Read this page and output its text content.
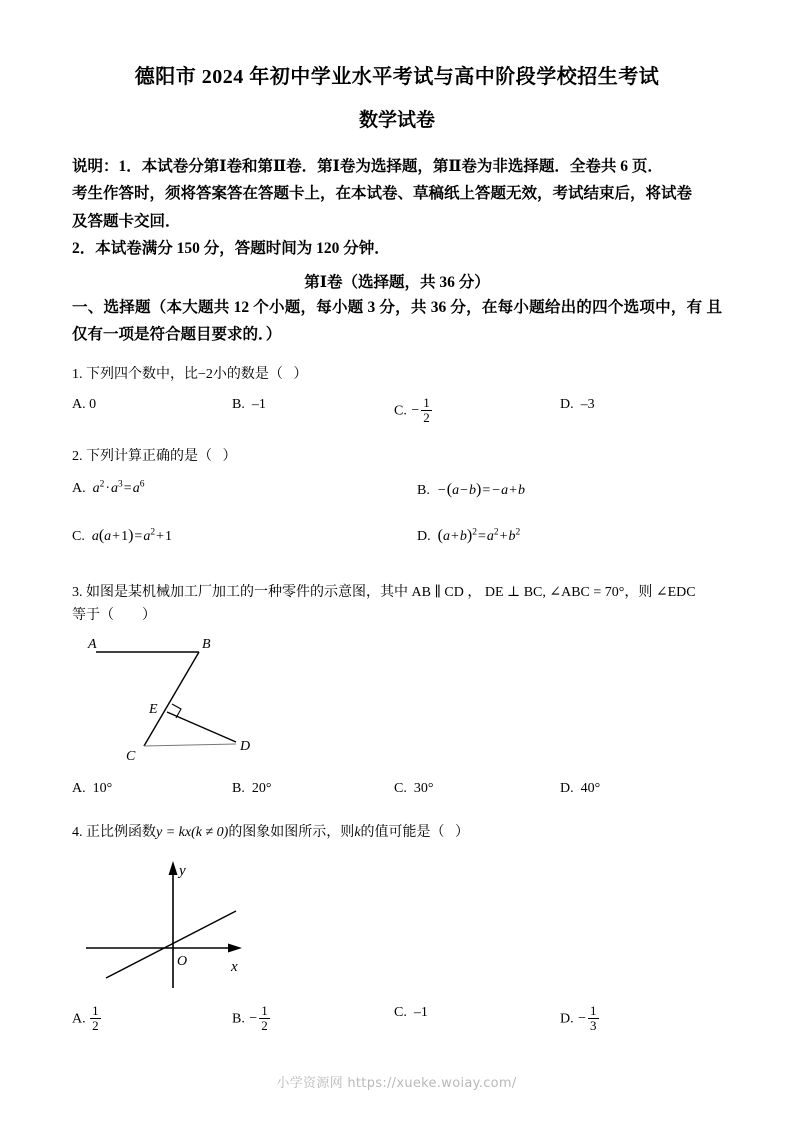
德阳市 2024 年初中学业水平考试与高中阶段学校招生考试
数学试卷
说明：1．本试卷分第Ⅰ卷和第Ⅱ卷．第Ⅰ卷为选择题，第Ⅱ卷为非选择题．全卷共 6 页．
考生作答时，须将答案答在答题卡上，在本试卷、草稿纸上答题无效，考试结束后，将试卷
及答题卡交回．
2．本试卷满分 150 分，答题时间为 120 分钟．
第Ⅰ卷（选择题，共 36 分）
一、选择题（本大题共 12 个小题，每小题 3 分，共 36 分，在每小题给出的四个选项中，有 且仅有一项是符合题目要求的．）
1. 下列四个数中，比−2小的数是（ ）
A. 0	B. –1	C. − $\frac{1}{2}$	D. –3
2. 下列计算正确的是（ ）
A. $a^2\cdot a^3=a^6$	B. −(a−b)= −a+b
C. $a(a+1)=a^2+1$	D. $(a+b)^2=a^2+b^2$
3. 如图是某机械加工厂加工的一种零件的示意图，其中 AB ∥ CD ， DE ⊥ BC, ∠ABC = 70°，则 ∠EDC
等于（　　）
A	B
C
D
E
A. 10°	B. 20°	C. 30°	D. 40°
4. 正比例函数y = kx(k ≠ 0)的图象如图所示，则k的值可能是（ ）
y
x
O
A. $\frac{1}{2}$	B. − $\frac{1}{2}$	C. –1	D. − $\frac{1}{3}$
小学资源网 https://xueke.woiay.com/
